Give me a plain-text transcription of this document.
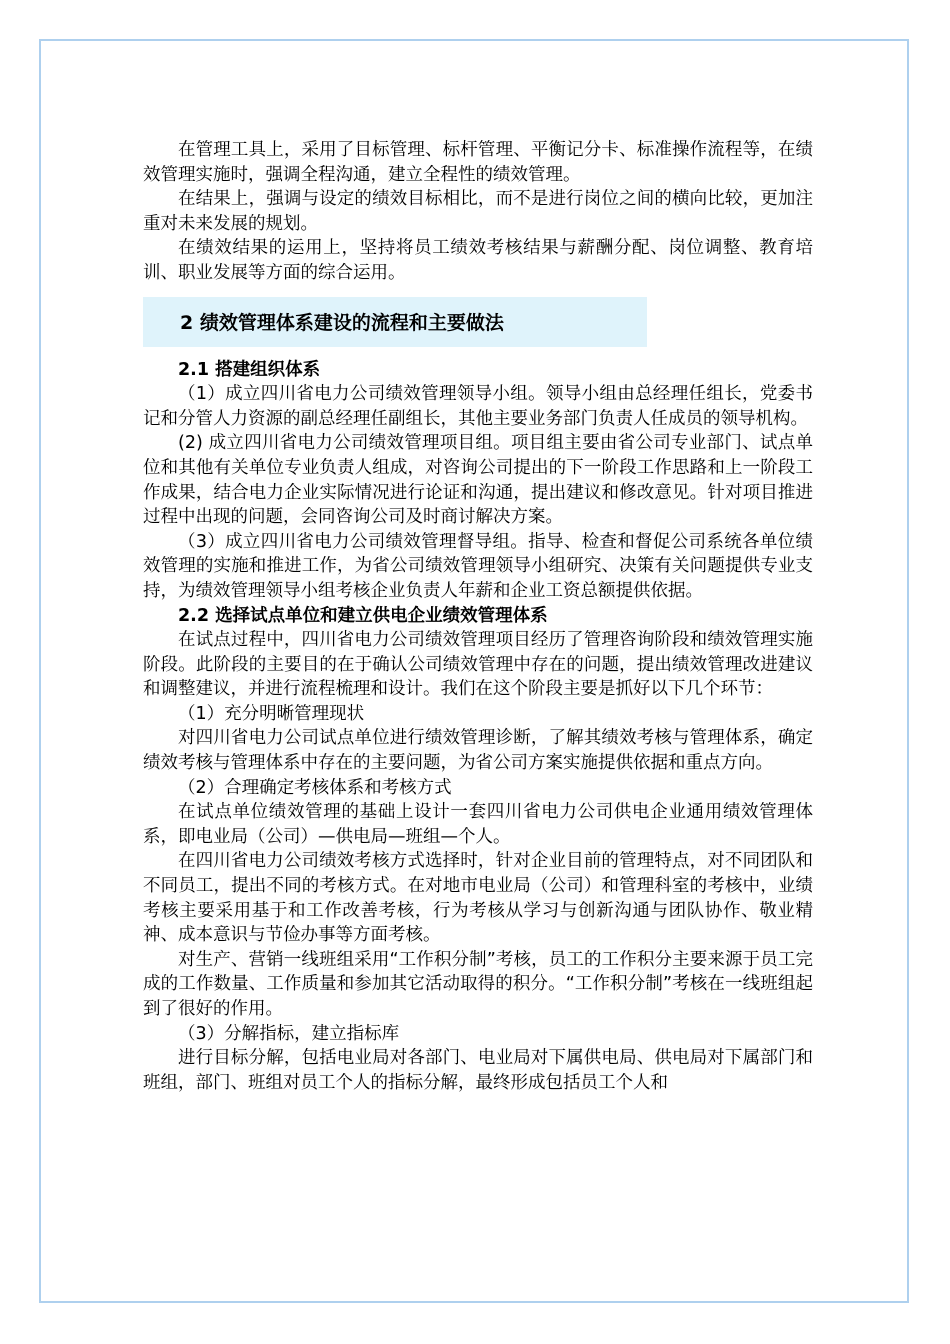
在管理工具上，采用了目标管理、标杆管理、平衡记分卡、标准操作流程等，在绩效管理实施时，强调全程沟通，建立全程性的绩效管理。

在结果上，强调与设定的绩效目标相比，而不是进行岗位之间的横向比较，更加注重对未来发展的规划。

在绩效结果的运用上，坚持将员工绩效考核结果与薪酬分配、岗位调整、教育培训、职业发展等方面的综合运用。

2 绩效管理体系建设的流程和主要做法

2.1 搭建组织体系

（1）成立四川省电力公司绩效管理领导小组。领导小组由总经理任组长，党委书记和分管人力资源的副总经理任副组长，其他主要业务部门负责人任成员的领导机构。

(2) 成立四川省电力公司绩效管理项目组。项目组主要由省公司专业部门、试点单位和其他有关单位专业负责人组成，对咨询公司提出的下一阶段工作思路和上一阶段工作成果，结合电力企业实际情况进行论证和沟通，提出建议和修改意见。针对项目推进过程中出现的问题，会同咨询公司及时商讨解决方案。

（3）成立四川省电力公司绩效管理督导组。指导、检查和督促公司系统各单位绩效管理的实施和推进工作，为省公司绩效管理领导小组研究、决策有关问题提供专业支持，为绩效管理领导小组考核企业负责人年薪和企业工资总额提供依据。

2.2 选择试点单位和建立供电企业绩效管理体系

在试点过程中，四川省电力公司绩效管理项目经历了管理咨询阶段和绩效管理实施阶段。此阶段的主要目的在于确认公司绩效管理中存在的问题，提出绩效管理改进建议和调整建议，并进行流程梳理和设计。我们在这个阶段主要是抓好以下几个环节：

（1）充分明晰管理现状

对四川省电力公司试点单位进行绩效管理诊断，了解其绩效考核与管理体系，确定绩效考核与管理体系中存在的主要问题，为省公司方案实施提供依据和重点方向。

（2）合理确定考核体系和考核方式

在试点单位绩效管理的基础上设计一套四川省电力公司供电企业通用绩效管理体系，即电业局（公司）—供电局—班组—个人。

在四川省电力公司绩效考核方式选择时，针对企业目前的管理特点，对不同团队和不同员工，提出不同的考核方式。在对地市电业局（公司）和管理科室的考核中，业绩考核主要采用基于和工作改善考核，行为考核从学习与创新沟通与团队协作、敬业精神、成本意识与节俭办事等方面考核。

对生产、营销一线班组采用“工作积分制”考核，员工的工作积分主要来源于员工完成的工作数量、工作质量和参加其它活动取得的积分。“工作积分制”考核在一线班组起到了很好的作用。

（3）分解指标，建立指标库

进行目标分解，包括电业局对各部门、电业局对下属供电局、供电局对下属部门和班组，部门、班组对员工个人的指标分解，最终形成包括员工个人和
